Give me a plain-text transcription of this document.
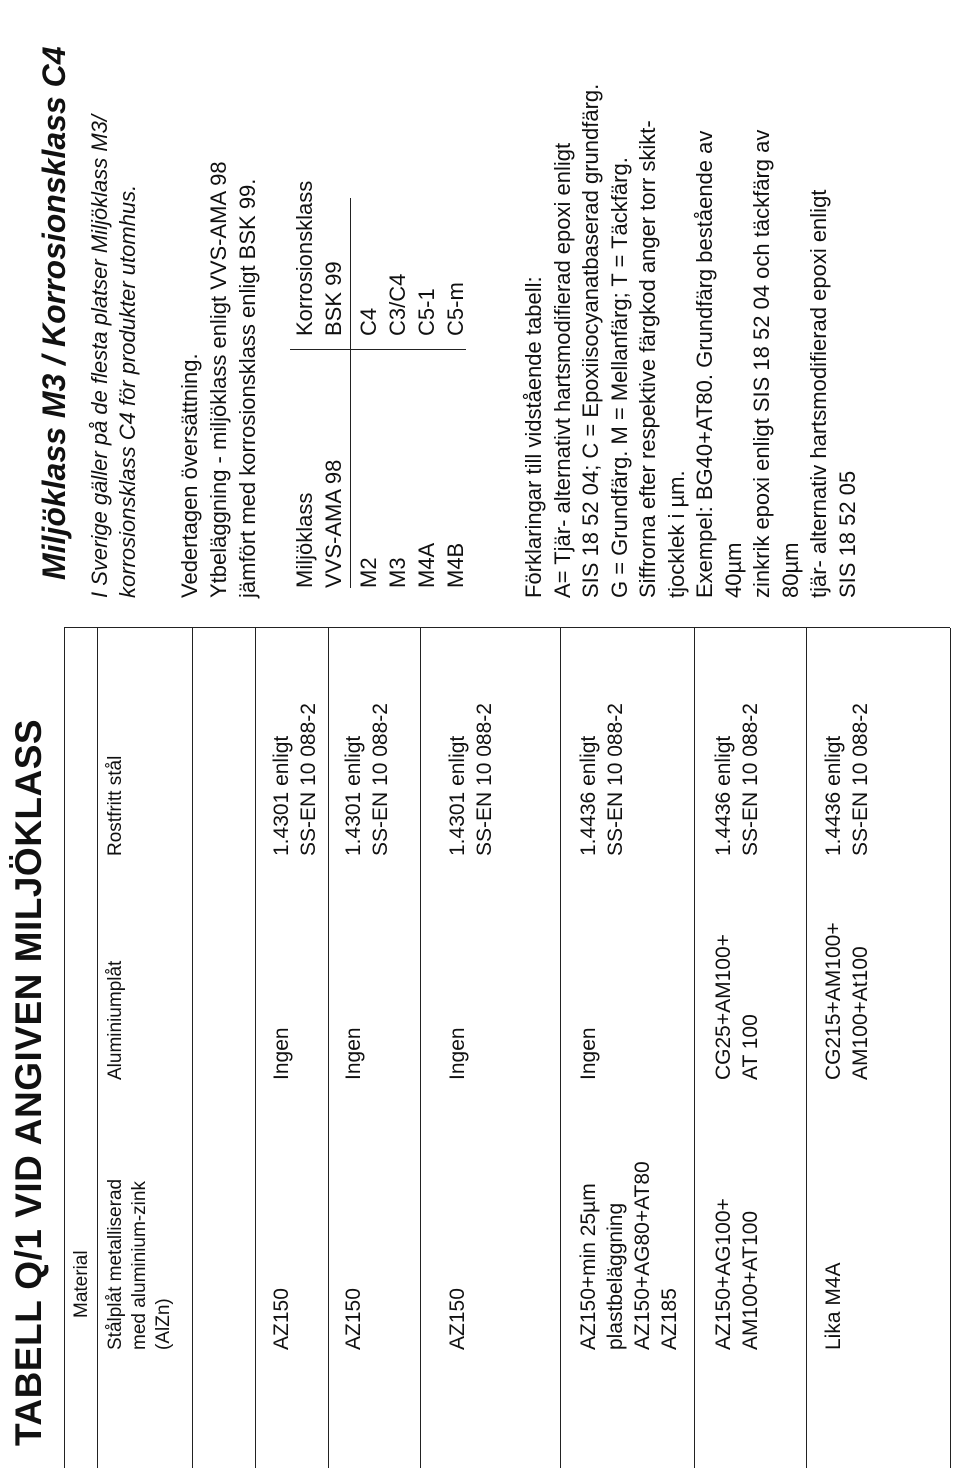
TABELL Q/1 VID ANGIVEN MILJÖKLASS Material Stålplåt metalliserad med aluminium-zink (AlZn)
Aluminiumplåt
Rostfritt stål
AZ150
Ingen
1.4301 enligt SS-EN 10 088-2
AZ150
Ingen
1.4301 enligt SS-EN 10 088-2
AZ150
Ingen
1.4301 enligt SS-EN 10 088-2
AZ150+min 25µm plastbeläggning AZ150+AG80+AT80 AZ185
Ingen
1.4436 enligt SS-EN 10 088-2
AZ150+AG100+ AM100+AT100
CG25+AM100+ AT 100
1.4436 enligt SS-EN 10 088-2
Lika M4A
CG215+AM100+ AM100+At100
1.4436 enligt SS-EN 10 088-2
Miljöklass M3 / Korrosionsklass C4 I Sverige gäller på de flesta platser Miljöklass M3/ korrosionsklass C4 för produkter utomhus. Vedertagen översättning. Ytbeläggning - miljöklass enligt VVS-AMA 98 jämfört med korrosionsklass enligt BSK 99. Miljöklass VVS-AMA 98
Korrosionsklass BSK 99
M2 M3 M4A M4B
C4 C3/C4 C5-1 C5-m Förklaringar till vidstående tabell: A= Tjär- alternativt hartsmodifierad epoxi enligt SIS 18 52 04; C = Epoxiisocyanatbaserad grundfärg. G = Grundfärg. M = Mellanfärg; T = Täckfärg. Siffrorna efter respektive färgkod anger torr skikt- tjocklek i µm. Exempel: BG40+AT80. Grundfärg bestående av 40µm zinkrik epoxi enligt SIS 18 52 04 och täckfärg av 80µm tjär- alternativ hartsmodifierad epoxi enligt SIS 18 52 05
